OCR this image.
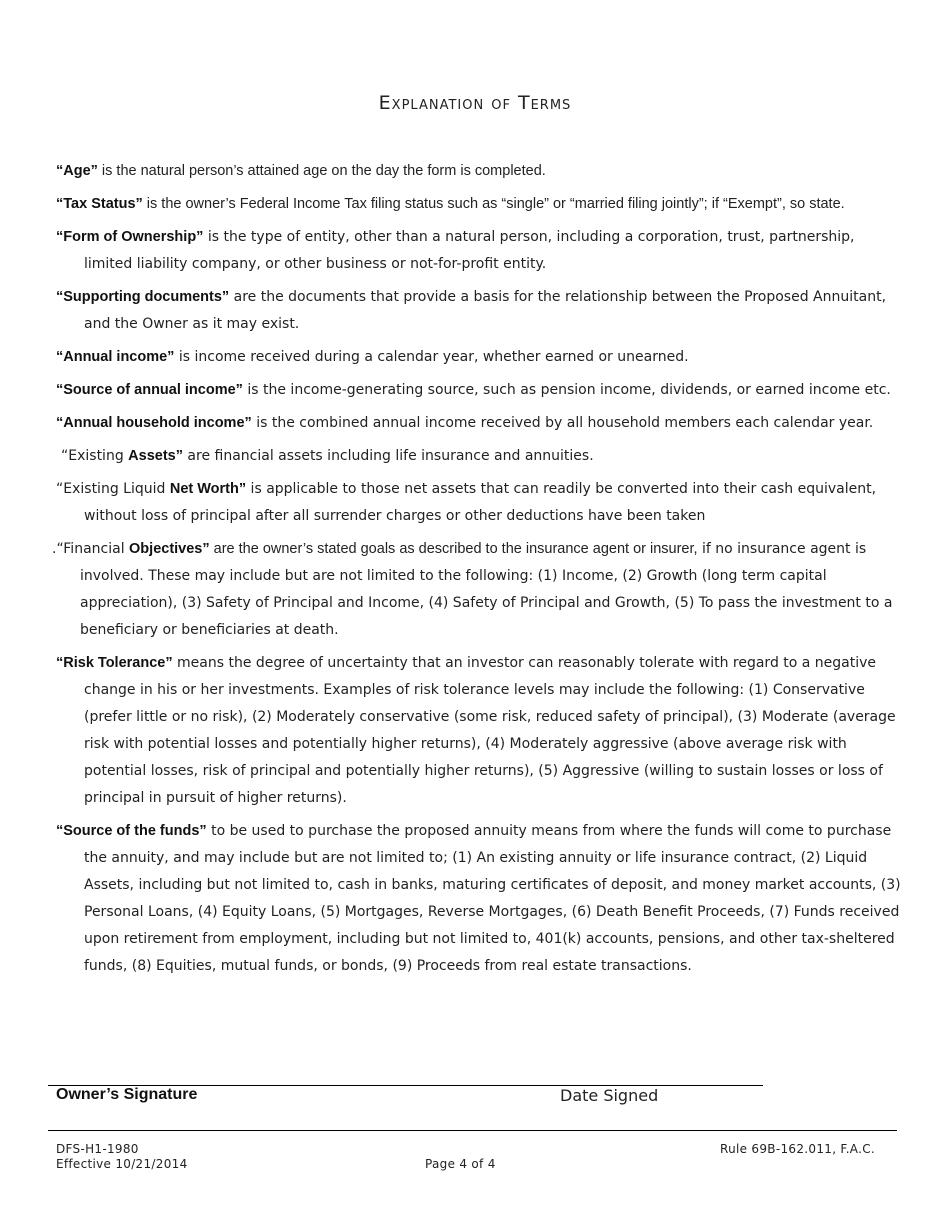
Explanation of Terms

“Age” is the natural person’s attained age on the day the form is completed.

“Tax Status” is the owner’s Federal Income Tax filing status such as “single” or “married filing jointly”; if “Exempt”, so state.

“Form of Ownership” is the type of entity, other than a natural person, including a corporation, trust, partnership, limited liability company, or other business or not-for-profit entity.

“Supporting documents” are the documents that provide a basis for the relationship between the Proposed Annuitant, and the Owner as it may exist.

“Annual income” is income received during a calendar year, whether earned or unearned.

“Source of annual income” is the income-generating source, such as pension income, dividends, or earned income etc.

“Annual household income” is the combined annual income received by all household members each calendar year.

“Existing Assets” are financial assets including life insurance and annuities.

“Existing Liquid Net Worth” is applicable to those net assets that can readily be converted into their cash equivalent, without loss of principal after all surrender charges or other deductions have been taken

.“Financial Objectives” are the owner’s stated goals as described to the insurance agent or insurer, if no insurance agent is involved. These may include but are not limited to the following: (1) Income, (2) Growth (long term capital appreciation), (3) Safety of Principal and Income, (4) Safety of Principal and Growth, (5) To pass the investment to a beneficiary or beneficiaries at death.

“Risk Tolerance” means the degree of uncertainty that an investor can reasonably tolerate with regard to a negative change in his or her investments. Examples of risk tolerance levels may include the following: (1) Conservative (prefer little or no risk), (2) Moderately conservative (some risk, reduced safety of principal), (3) Moderate (average risk with potential losses and potentially higher returns), (4) Moderately aggressive (above average risk with potential losses, risk of principal and potentially higher returns), (5) Aggressive (willing to sustain losses or loss of principal in pursuit of higher returns).

“Source of the funds” to be used to purchase the proposed annuity means from where the funds will come to purchase the annuity, and may include but are not limited to; (1) An existing annuity or life insurance contract, (2) Liquid Assets, including but not limited to, cash in banks, maturing certificates of deposit, and money market accounts, (3) Personal Loans, (4) Equity Loans, (5) Mortgages, Reverse Mortgages, (6) Death Benefit Proceeds, (7) Funds received upon retirement from employment, including but not limited to, 401(k) accounts, pensions, and other tax-sheltered funds, (8) Equities, mutual funds, or bonds, (9) Proceeds from real estate transactions.

Owner’s Signature	Date Signed
DFS-H1-1980
Effective 10/21/2014	Page 4 of 4
Rule 69B-162.011, F.A.C.
